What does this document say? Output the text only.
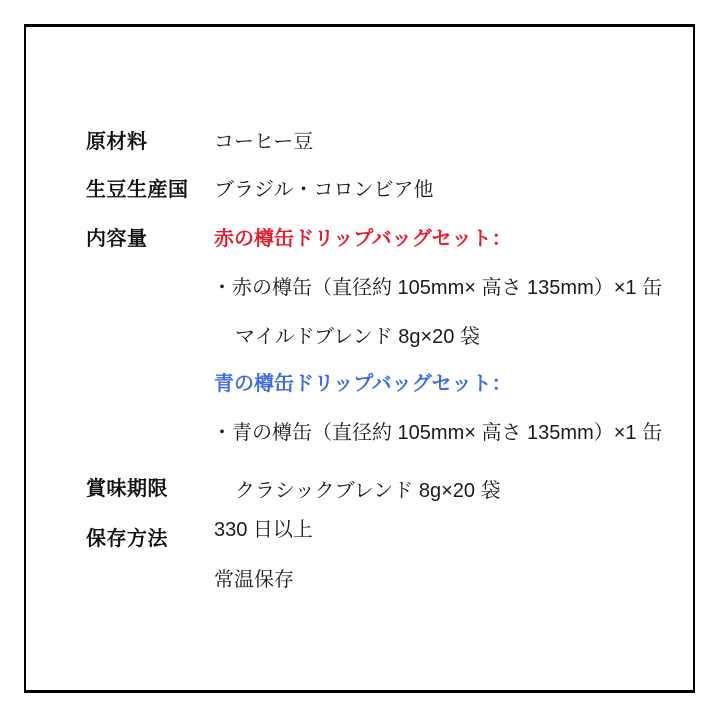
原材料
生豆生産国
内容量
賞味期限
保存方法
コーヒー豆
ブラジル・コロンビア他
赤の樽缶ドリップバッグセット：
・赤の樽缶（直径約 105mm× 高さ 135mm）×1 缶
マイルドブレンド 8g×20 袋
青の樽缶ドリップバッグセット：
・青の樽缶（直径約 105mm× 高さ 135mm）×1 缶
クラシックブレンド 8g×20 袋
330 日以上
常温保存
